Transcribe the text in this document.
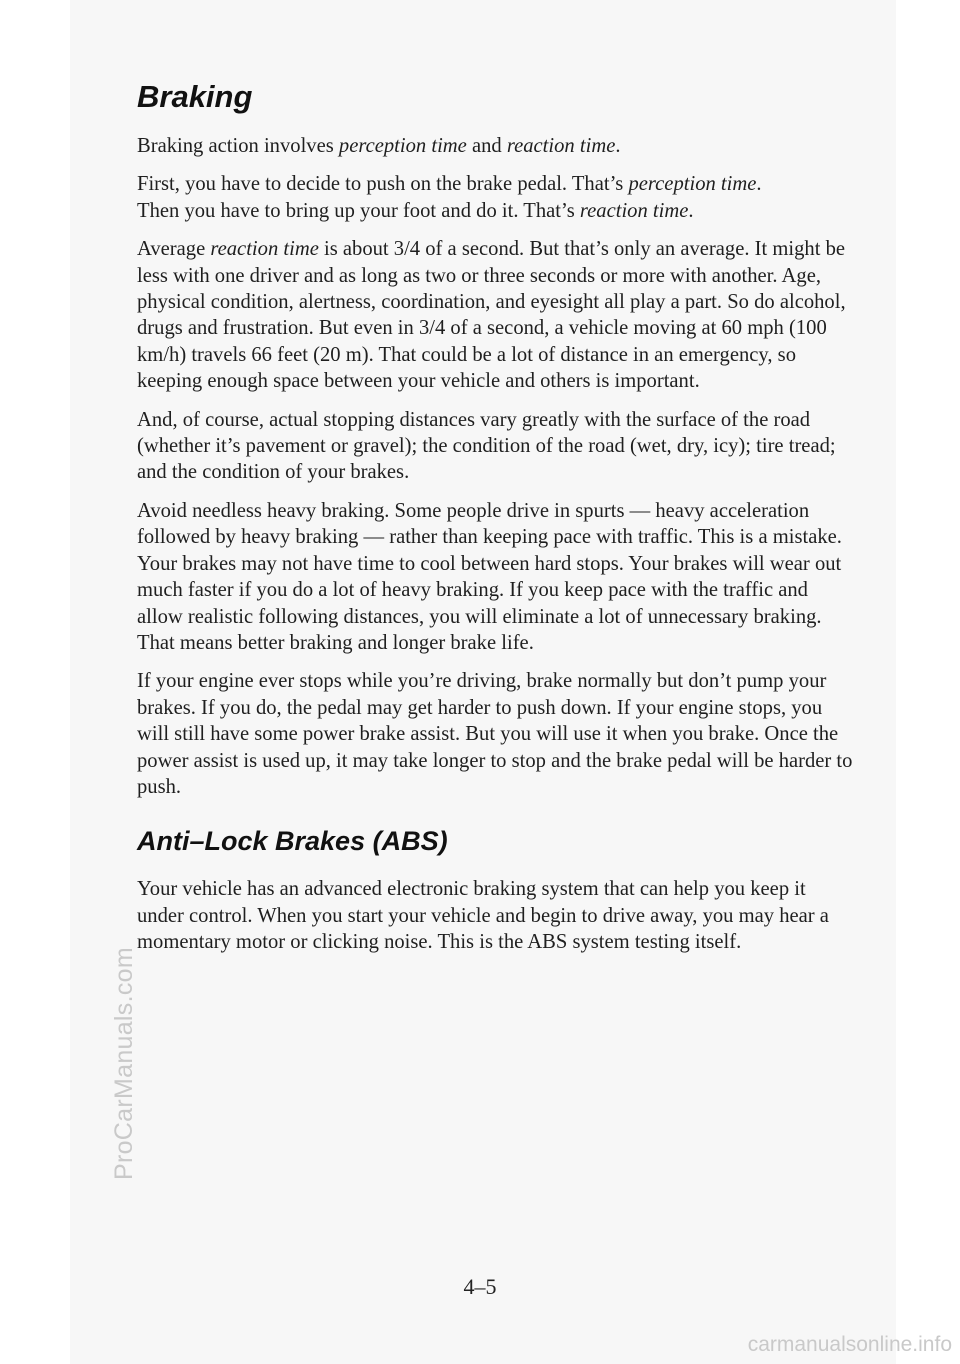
ProCarManuals.com
carmanualsonline.info
Braking

Braking action involves perception time and reaction time.

First, you have to decide to push on the brake pedal. That’s perception time.
Then you have to bring up your foot and do it. That’s reaction time.

Average reaction time is about 3/4 of a second. But that’s only an average. It might be less with one driver and as long as two or three seconds or more with another. Age, physical condition, alertness, coordination, and eyesight all play a part. So do alcohol, drugs and frustration. But even in 3/4 of a second, a vehicle moving at 60 mph (100 km/h) travels 66 feet (20 m). That could be a lot of distance in an emergency, so keeping enough space between your vehicle and others is important.

And, of course, actual stopping distances vary greatly with the surface of the road (whether it’s pavement or gravel); the condition of the road (wet, dry, icy); tire tread; and the condition of your brakes.

Avoid needless heavy braking. Some people drive in spurts — heavy acceleration followed by heavy braking — rather than keeping pace with traffic. This is a mistake. Your brakes may not have time to cool between hard stops. Your brakes will wear out much faster if you do a lot of heavy braking. If you keep pace with the traffic and allow realistic following distances, you will eliminate a lot of unnecessary braking. That means better braking and longer brake life.

If your engine ever stops while you’re driving, brake normally but don’t pump your brakes. If you do, the pedal may get harder to push down. If your engine stops, you will still have some power brake assist. But you will use it when you brake. Once the power assist is used up, it may take longer to stop and the brake pedal will be harder to push.

Anti–Lock Brakes (ABS)

Your vehicle has an advanced electronic braking system that can help you keep it under control. When you start your vehicle and begin to drive away, you may hear a momentary motor or clicking noise. This is the ABS system testing itself.

4–5
